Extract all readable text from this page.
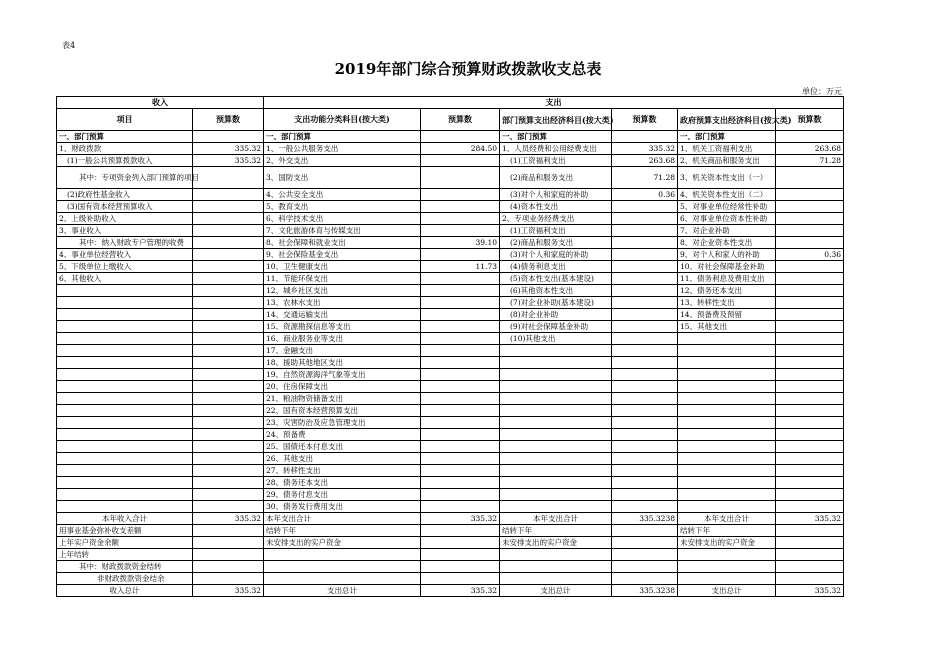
表4
2019年部门综合预算财政拨款收支总表
单位：万元
收入		支出					
项目	预算数	支出功能分类科目(按大类)	预算数	部门预算支出经济科目(按大类)	预算数	政府预算支出经济科目(按大类)	预算数
一、部门预算		一、部门预算		一、部门预算		一、部门预算	
1、财政拨款	335.32	1、一般公共服务支出	284.50	1、人员经费和公用经费支出	335.32	1、机关工资福利支出	263.68
(1)一般公共预算拨款收入	335.32	2、外交支出		(1)工资福利支出	263.68	2、机关商品和服务支出	71.28
其中：专项资金列入部门预算的项目		3、国防支出		(2)商品和服务支出	71.28	3、机关资本性支出（一）	
(2)政府性基金收入		4、公共安全支出		(3)对个人和家庭的补助	0.36	4、机关资本性支出（二）	
(3)国有资本经营预算收入		5、教育支出		(4)资本性支出		5、对事业单位经常性补助	
2、上级补助收入		6、科学技术支出		2、专项业务经费支出		6、对事业单位资本性补助	
3、事业收入		7、文化旅游体育与传媒支出		(1)工资福利支出		7、对企业补助	
其中：纳入财政专户管理的收费		8、社会保障和就业支出	39.10	(2)商品和服务支出		8、对企业资本性支出	
4、事业单位经营收入		9、社会保险基金支出		(3)对个人和家庭的补助		9、对个人和家人的补助	0.36
5、下级单位上缴收入		10、卫生健康支出	11.73	(4)债务利息支出		10、对社会保障基金补助	
6、其他收入		11、节能环保支出		(5)资本性支出(基本建设)		11、债务利息及费用支出	
		12、城乡社区支出		(6)其他资本性支出		12、债务还本支出	
		13、农林水支出		(7)对企业补助(基本建设)		13、转移性支出	
		14、交通运输支出		(8)对企业补助		14、预备费及预留	
		15、资源勘探信息等支出		(9)对社会保障基金补助		15、其他支出	
		16、商业服务业等支出		(10)其他支出			
		17、金融支出					
		18、援助其他地区支出					
		19、自然资源海洋气象等支出					
		20、住房保障支出					
		21、粮油物资储备支出					
		22、国有资本经营预算支出					
		23、灾害防治及应急管理支出					
		24、预备费					
		25、国债还本付息支出					
		26、其他支出					
		27、转移性支出					
		28、债务还本支出					
		29、债务付息支出					
		30、债务发行费用支出					
本年收入合计	335.32	本年支出合计	335.32	本年支出合计	335.3238	本年支出合计	335.32
用事业基金弥补收支差额		结转下年		结转下年		结转下年	
上年实户资金余额		未安排支出的实户资金		未安排支出的实户资金		未安排支出的实户资金	
上年结转							
其中：财政拨款资金结转							
非财政拨款资金结余							
收入总计	335.32	支出总计	335.32	支出总计	335.3238	支出总计	335.32
